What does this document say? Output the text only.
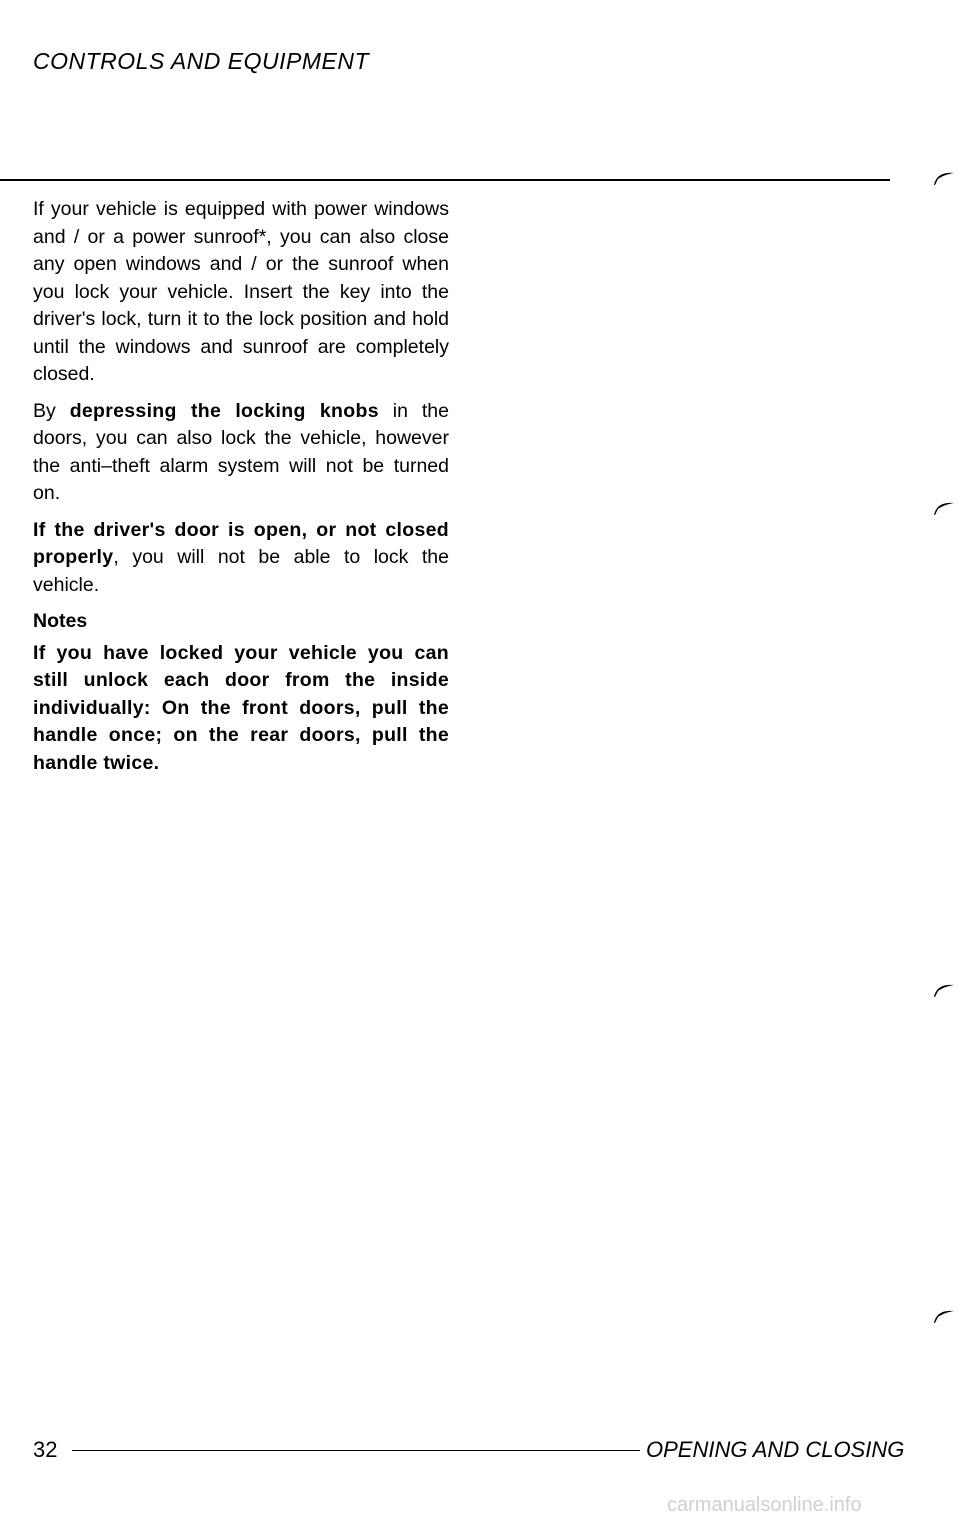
CONTROLS AND EQUIPMENT

If your vehicle is equipped with power windows and / or a power sunroof*, you can also close any open windows and / or the sunroof when you lock your vehicle. Insert the key into the driver's lock, turn it to the lock position and hold until the windows and sunroof are completely closed.

By depressing the locking knobs in the doors, you can also lock the vehicle, however the anti–theft alarm system will not be turned on.

If the driver's door is open, or not closed properly, you will not be able to lock the vehicle.

Notes
If you have locked your vehicle you can still unlock each door from the inside individually: On the front doors, pull the handle once; on the rear doors, pull the handle twice.
32	OPENING AND CLOSING
carmanualsonline.info
